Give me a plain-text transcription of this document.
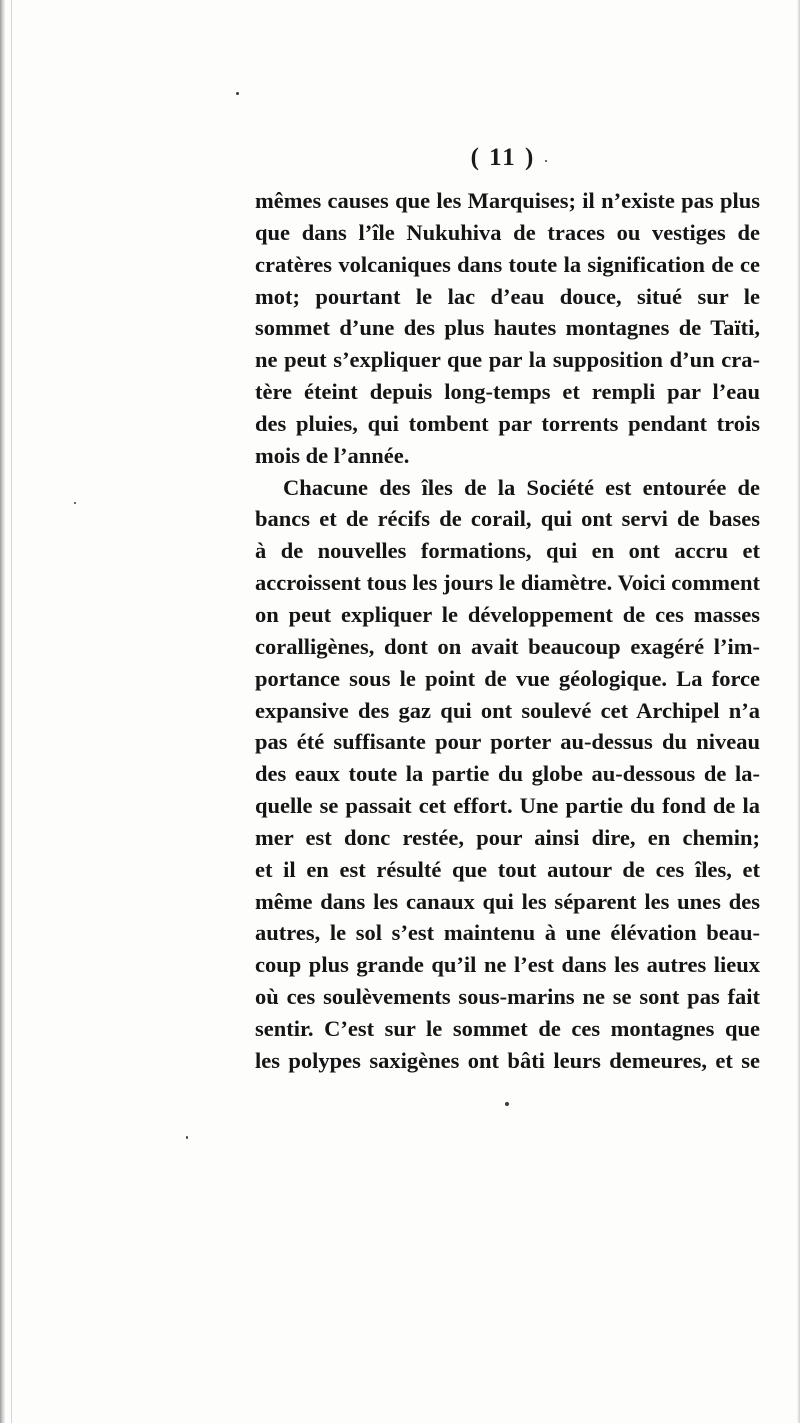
( 11 )

mêmes causes que les Marquises; il n’existe pas plus
que dans l’île Nukuhiva de traces ou vestiges de
cratères volcaniques dans toute la signification de ce
mot; pourtant le lac d’eau douce, situé sur le
sommet d’une des plus hautes montagnes de Taïti,
ne peut s’expliquer que par la supposition d’un cra-
tère éteint depuis long-temps et rempli par l’eau
des pluies, qui tombent par torrents pendant trois
mois de l’année.

Chacune des îles de la Société est entourée de
bancs et de récifs de corail, qui ont servi de bases
à de nouvelles formations, qui en ont accru et
accroissent tous les jours le diamètre. Voici comment
on peut expliquer le développement de ces masses
coralligènes, dont on avait beaucoup exagéré l’im-
portance sous le point de vue géologique. La force
expansive des gaz qui ont soulevé cet Archipel n’a
pas été suffisante pour porter au-dessus du niveau
des eaux toute la partie du globe au-dessous de la-
quelle se passait cet effort. Une partie du fond de la
mer est donc restée, pour ainsi dire, en chemin;
et il en est résulté que tout autour de ces îles, et
même dans les canaux qui les séparent les unes des
autres, le sol s’est maintenu à une élévation beau-
coup plus grande qu’il ne l’est dans les autres lieux
où ces soulèvements sous-marins ne se sont pas fait
sentir. C’est sur le sommet de ces montagnes que
les polypes saxigènes ont bâti leurs demeures, et se
